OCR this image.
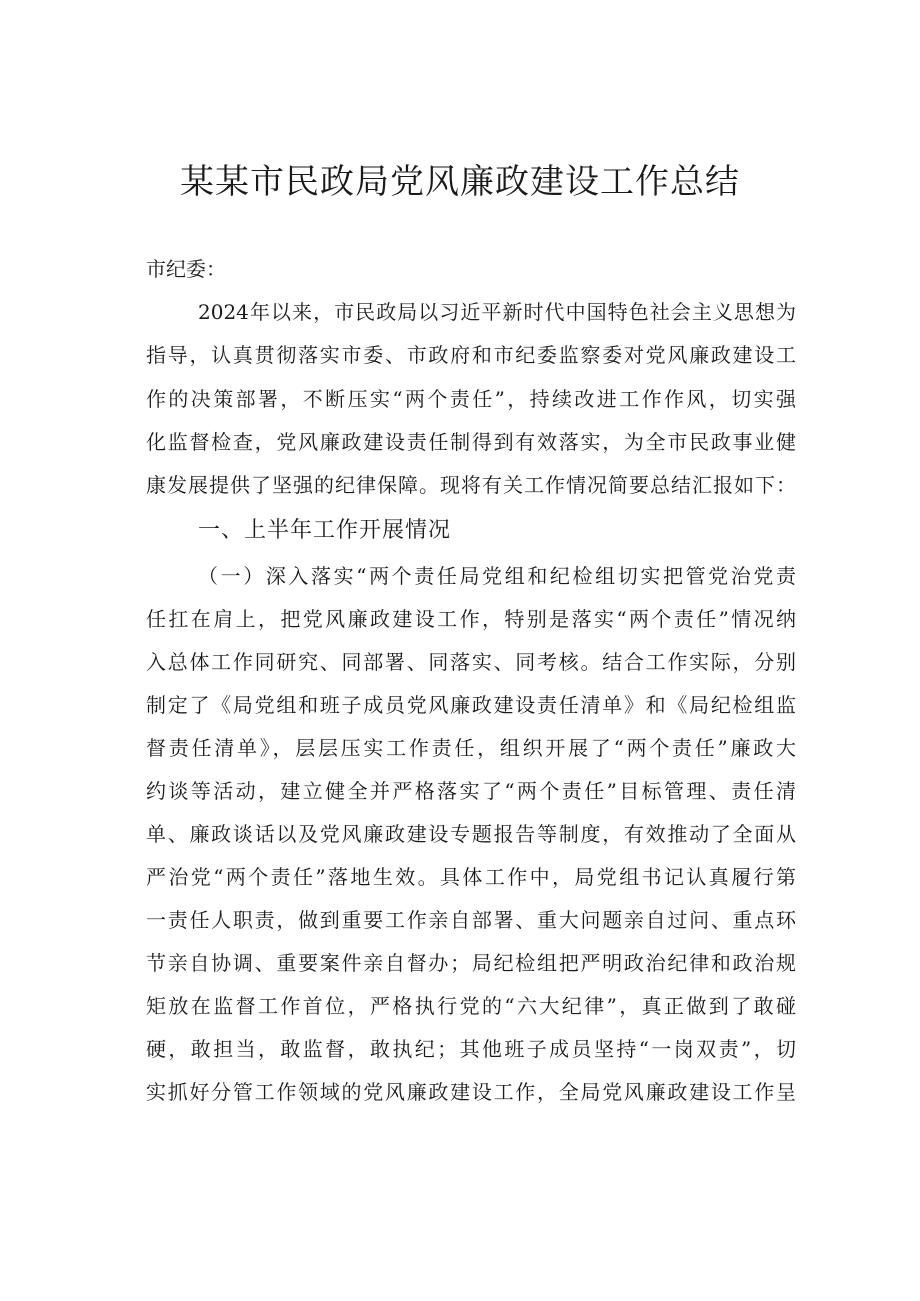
某某市民政局党风廉政建设工作总结

市纪委：

2024年以来，市民政局以习近平新时代中国特色社会主义思想为

指导，认真贯彻落实市委、市政府和市纪委监察委对党风廉政建设工

作的决策部署，不断压实“两个责任”，持续改进工作作风，切实强

化监督检查，党风廉政建设责任制得到有效落实，为全市民政事业健

康发展提供了坚强的纪律保障。现将有关工作情况简要总结汇报如下：

一、上半年工作开展情况

（一）深入落实“两个责任局党组和纪检组切实把管党治党责

任扛在肩上，把党风廉政建设工作，特别是落实“两个责任”情况纳

入总体工作同研究、同部署、同落实、同考核。结合工作实际，分别

制定了《局党组和班子成员党风廉政建设责任清单》和《局纪检组监

督责任清单》，层层压实工作责任，组织开展了“两个责任”廉政大

约谈等活动，建立健全并严格落实了“两个责任”目标管理、责任清

单、廉政谈话以及党风廉政建设专题报告等制度，有效推动了全面从

严治党“两个责任”落地生效。具体工作中，局党组书记认真履行第

一责任人职责，做到重要工作亲自部署、重大问题亲自过问、重点环

节亲自协调、重要案件亲自督办；局纪检组把严明政治纪律和政治规

矩放在监督工作首位，严格执行党的“六大纪律”，真正做到了敢碰

硬，敢担当，敢监督，敢执纪；其他班子成员坚持“一岗双责”，切

实抓好分管工作领域的党风廉政建设工作，全局党风廉政建设工作呈
